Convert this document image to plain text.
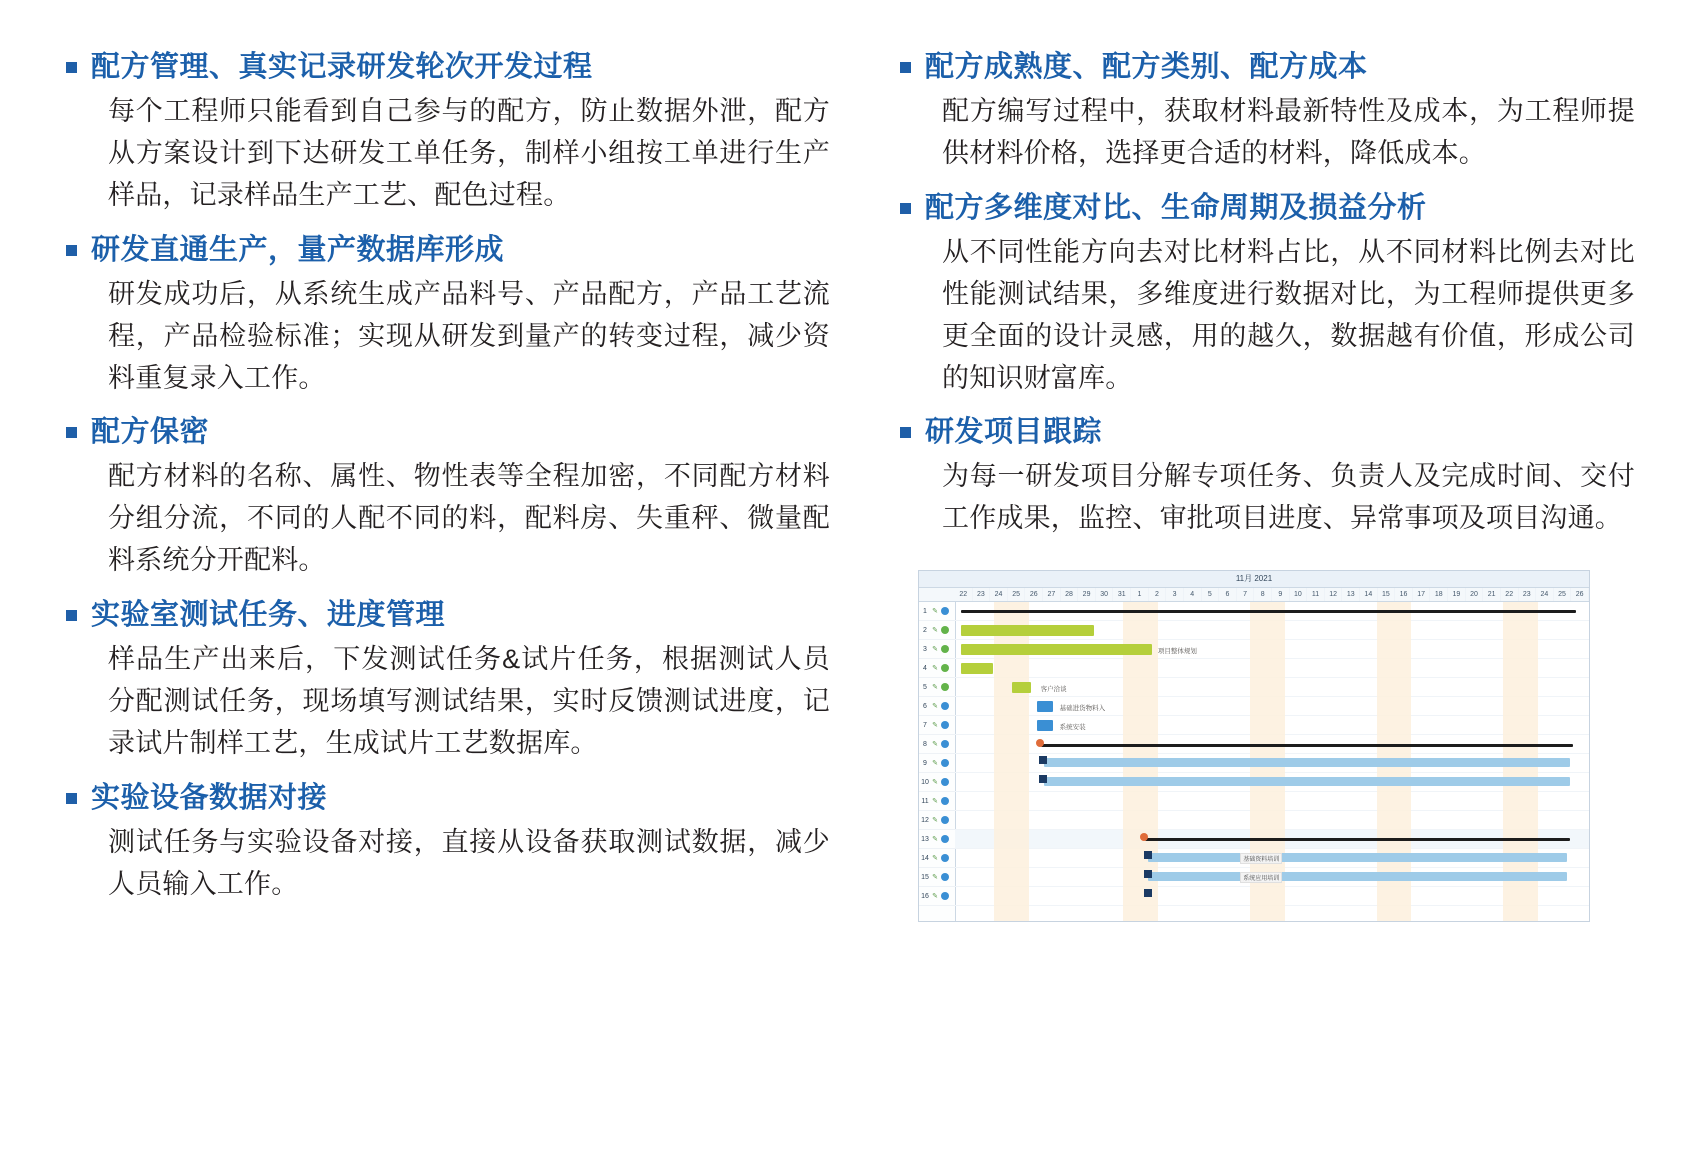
配方管理、真实记录研发轮次开发过程
每个工程师只能看到自己参与的配方，防止数据外泄，配方从方案设计到下达研发工单任务，制样小组按工单进行生产样品，记录样品生产工艺、配色过程。
研发直通生产，量产数据库形成
研发成功后，从系统生成产品料号、产品配方，产品工艺流程，产品检验标准；实现从研发到量产的转变过程，减少资料重复录入工作。
配方保密
配方材料的名称、属性、物性表等全程加密，不同配方材料分组分流，不同的人配不同的料，配料房、失重秤、微量配料系统分开配料。
实验室测试任务、进度管理
样品生产出来后，下发测试任务&试片任务，根据测试人员分配测试任务，现场填写测试结果，实时反馈测试进度，记录试片制样工艺，生成试片工艺数据库。
实验设备数据对接
测试任务与实验设备对接，直接从设备获取测试数据，减少人员输入工作。
配方成熟度、配方类别、配方成本
配方编写过程中，获取材料最新特性及成本，为工程师提供材料价格，选择更合适的材料，降低成本。
配方多维度对比、生命周期及损益分析
从不同性能方向去对比材料占比，从不同材料比例去对比性能测试结果，多维度进行数据对比，为工程师提供更多更全面的设计灵感，用的越久，数据越有价值，形成公司的知识财富库。
研发项目跟踪
为每一研发项目分解专项任务、负责人及完成时间、交付工作成果，监控、审批项目进度、异常事项及项目沟通。
11月 2021
22	23	24	25	26	27	28	29	30	31	1	2	3	4	5	6	7	8	9	10	11	12	13	14	15	16	17	18	19	20	21	22	23	24	25	26
1 ✎
2 ✎
3 ✎
4 ✎
5 ✎
6 ✎
7 ✎
8 ✎
9 ✎
10 ✎
11 ✎
12 ✎
13 ✎
14 ✎
15 ✎
16 ✎
项目整体规划
客户洽谈
基础进货物料入
系统安装
基础资料培训
系统应用培训
